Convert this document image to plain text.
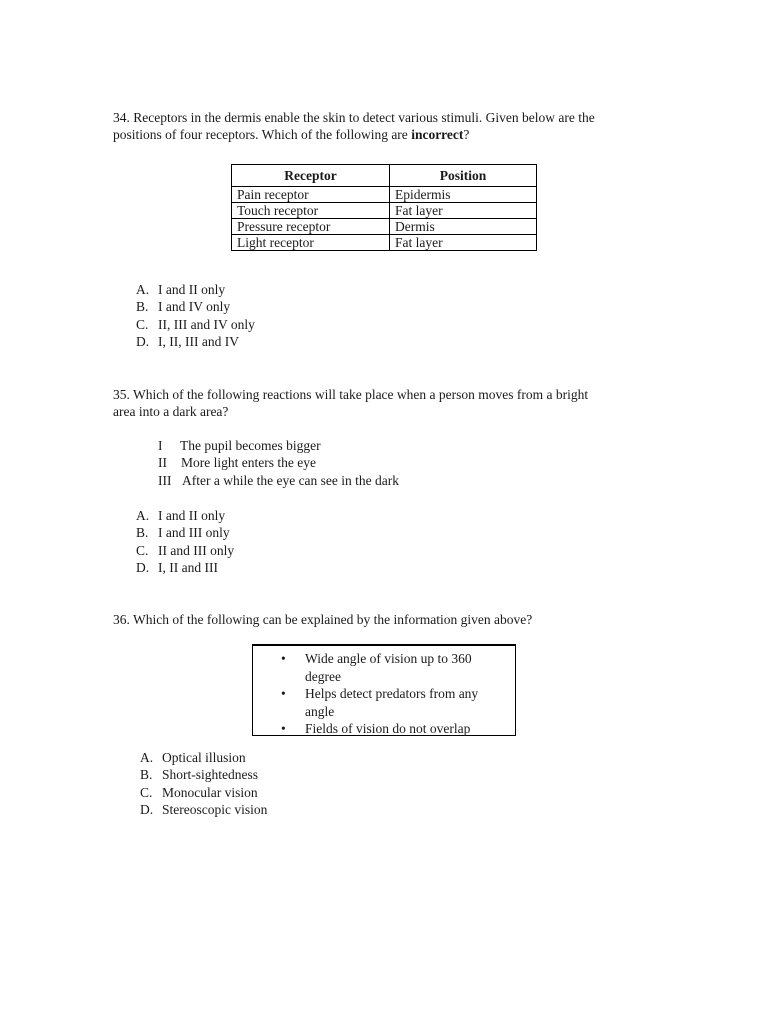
34. Receptors in the dermis enable the skin to detect various stimuli. Given below are the

positions of four receptors. Which of the following are incorrect?

Receptor	Position
Pain receptor	Epidermis
Touch receptor	Fat layer
Pressure receptor	Dermis
Light receptor	Fat layer
A. I and II only
B. I and IV only
C. II, III and IV only
D. I, II, III and IV

35. Which of the following reactions will take place when a person moves from a bright

area into a dark area?

I The pupil becomes bigger
II More light enters the eye
III After a while the eye can see in the dark
A. I and II only
B. I and III only
C. II and III only
D. I, II and III

36. Which of the following can be explained by the information given above?

• Wide angle of vision up to 360
degree
• Helps detect predators from any
angle
• Fields of vision do not overlap
A. Optical illusion
B. Short-sightedness
C. Monocular vision
D. Stereoscopic vision
